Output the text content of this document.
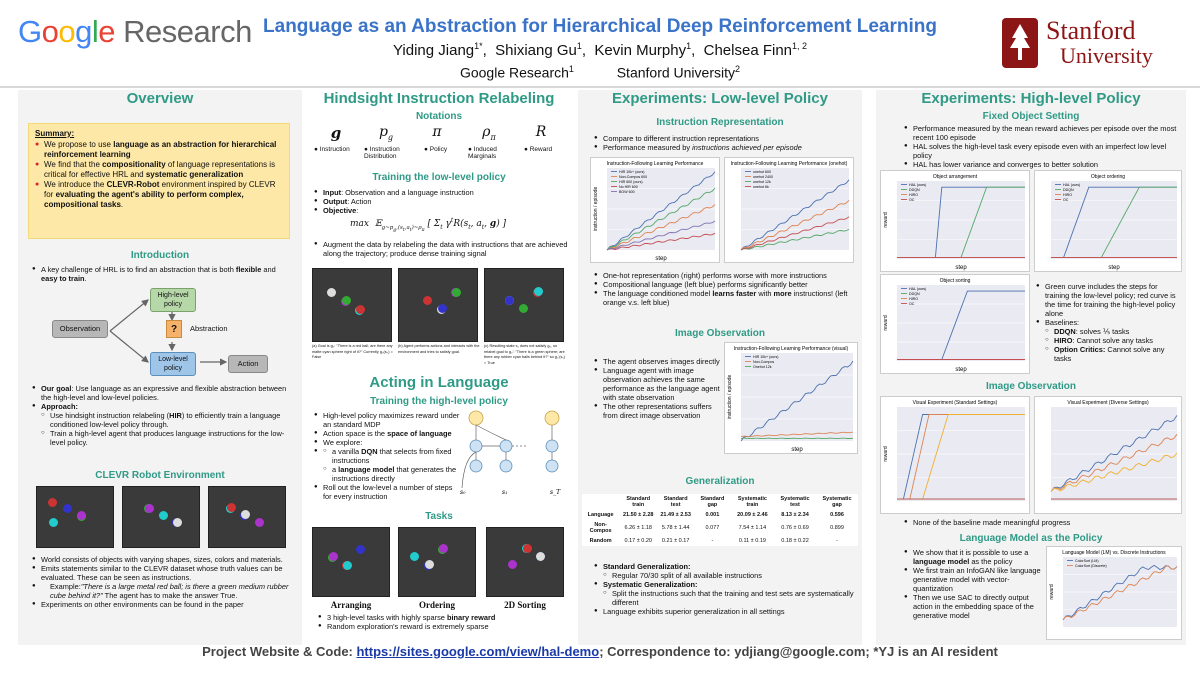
Google Research Language as an Abstraction for Hierarchical Deep Reinforcement Learning
Yiding Jiang$^{1*}$,  Shixiang Gu$^1$,  Kevin Murphy$^1$,  Chelsea Finn$^{1, 2}$
Google Research$^1$           Stanford University$^2$
Stanford
University
Overview
Summary:
● We propose to use language as an abstraction for hierarchical reinforcement learning
● We find that the compositionality of language representations is critical for effective HRL and systematic generalization
● We introduce the CLEVR-Robot environment inspired by CLEVR for evaluating the agent's ability to perform complex, compositional tasks.
Introduction
● A key challenge of HRL is to find an abstraction that is both flexible and easy to train.
Observation
High-level policy
?	Abstraction
Low-level policy
Action
● Our goal: Use language as an expressive and flexible abstraction between the high-level and low-level policies.
● Approach:
○ Use hindsight instruction relabeling (HIR) to efficiently train a language conditioned low-level policy through.
○ Train a high-level agent that produces language instructions for the low-level policy.
CLEVR Robot Environment
● World consists of objects with varying shapes, sizes, colors and materials.
● Emits statements similar to the CLEVR dataset whose truth values can be evaluated. These can be seen as instructions.
● Example:"There is a large metal red ball; is there a green medium rubber cube behind it?" The agent has to make the answer True.
● Experiments on other environments can be found in the paper
Hindsight Instruction Relabeling
Notations
g	$p_g$	π	$\rho_\pi$	R
● Instruction ● Instruction Distribution
● Policy	● Induced Marginals
● Reward
Training the low-level policy
● Input: Observation and a language instruction
● Output: Action
● Objective:
max  𝔼$_{g\sim p_g,(s_t,a_t)\sim\rho_\pi}$ [ $\Sigma_t$ $\gamma^tR(s_t$, $a_t$, g) ]
● Augment the data by relabeling the data with instructions that are achieved along the trajectory; produce dense training signal
(a) Goal is g₀: "There is a red ball; are there any matte cyan sphere right of it?" Currently g₀(s₀) = False
(b) Agent performs actions and interacts with the environment and tries to satisfy goal.
(c) Resulting state s₁ does not satisfy g₀, so relabel goal to g₀': "There is a green sphere; are there any rubber cyan balls behind it?" so g₀'(s₁) = True
Acting in Language
Training the high-level policy
● High-level policy maximizes reward under an standard MDP
● Action space is the space of language
● We explore:
○ ● a vanilla DQN that selects from fixed instructions
○ a language model that generates the instructions directly
● Roll out the low-level a number of steps for every instruction	s₀	s₁	s_T
Tasks
Arranging	Ordering	2D Sorting
● 3 high-level tasks with highly sparse binary reward
● Random exploration's reward is extremely sparse
Experiments: Low-level Policy
Instruction Representation
● Compare to different instruction representations
● Performance measured by instructions achieved per episode
Instruction-Following Learning Performance
step
instruction / episode
HIR 10k+ (ours)
Non-Compos 600
HIR 600 (ours)
No HIR 600
BOW 600
Instruction-Following Learning Performance (onehot)
onehot 600
onehot 2400
onehot 12k
onehot 6k
● One-hot representation (right) performs worse with more instructions
● Compositional language (left blue) performs significantly better
● The language conditioned model learns faster with more instructions! (left orange v.s. left blue)
Image Observation
● The agent observes images directly
● Language agent with image observation achieves the same performance as the language agent with state observation
● The other representations suffers from direct image observation
Instruction-Following Learning Performance (visual)
step
instruction / episode
HIR 10k+ (ours)
Non-Compos
Onehot 12k
Generalization
	Standard train	Standard test	Standard gap	Systematic train	Systematic test	Systematic gap
Language	21.50 ± 2.28	21.49 ± 2.53	0.001	20.09 ± 2.46	8.13 ± 2.34	0.596
Non-Compos	6.26 ± 1.18	5.78 ± 1.44	0.077	7.54 ± 1.14	0.76 ± 0.69	0.899
Random	0.17 ± 0.20	0.21 ± 0.17	-	0.11 ± 0.19	0.18 ± 0.22	-
● Standard Generalization:
○ Regular 70/30 split of all available instructions
● Systematic Generalization:
○ Split the instructions such that the training and test sets are systematically different
● Language exhibits superior generalization in all settings
Experiments: High-level Policy
Fixed Object Setting
● Performance measured by the mean reward achieves per episode over the most recent 100 episode
● HAL solves the high-level task every episode even with an imperfect low level policy
● HAL has lower variance and converges to better solution
Object arrangement
step
reward
HAL (ours)
DDQN
HIRO
OC
Object ordering
step
HAL (ours)
DDQN
HIRO
OC
Object sorting
step
reward
HAL (ours)
DDQN
HIRO
OC
● Green curve includes the steps for training the low-level policy; red curve is the time for training the high-level policy alone
● Baselines:
○ DDQN: solves ⅕ tasks
○ HIRO: Cannot solve any tasks
○ Option Critics: Cannot solve any tasks
Image Observation
Visual Experiment (Standard Settings)
reward
Visual Experiment (Diverse Settings)
● None of the baseline made meaningful progress
Language Model as the Policy
● We show that it is possible to use a language model as the policy
● We first train an InfoGAN like language generative model with vector-quantization
● Then we use SAC to directly output action in the embedding space of the generative model
Language Model (LM) vs. Discrete Instructions
reward
ColorSort (LM)
ColorSort (Discrete)
Project Website & Code: https://sites.google.com/view/hal-demo; Correspondence to: ydjiang@google.com; *YJ is an AI resident
